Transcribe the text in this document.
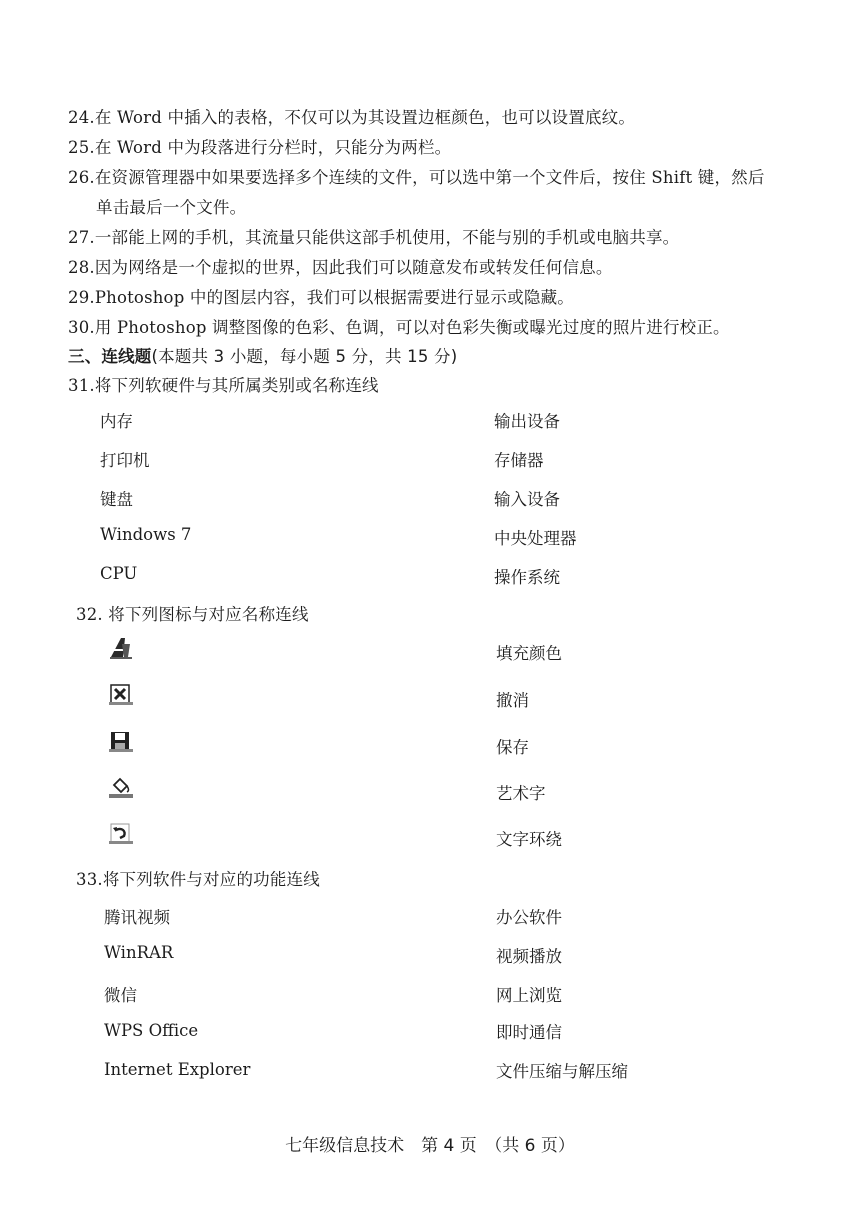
24.在 Word 中插入的表格，不仅可以为其设置边框颜色，也可以设置底纹。
25.在 Word 中为段落进行分栏时，只能分为两栏。
26.在资源管理器中如果要选择多个连续的文件，可以选中第一个文件后，按住 Shift 键，然后
单击最后一个文件。
27.一部能上网的手机，其流量只能供这部手机使用，不能与别的手机或电脑共享。
28.因为网络是一个虚拟的世界，因此我们可以随意发布或转发任何信息。
29.Photoshop 中的图层内容，我们可以根据需要进行显示或隐藏。
30.用 Photoshop 调整图像的色彩、色调，可以对色彩失衡或曝光过度的照片进行校正。
三、连线题(本题共 3 小题，每小题 5 分，共 15 分)
31.将下列软硬件与其所属类别或名称连线
内存
打印机
键盘
Windows 7
CPU
输出设备
存储器
输入设备
中央处理器
操作系统
32. 将下列图标与对应名称连线
填充颜色
撤消
保存
艺术字
文字环绕
33.将下列软件与对应的功能连线
腾讯视频
WinRAR
微信
WPS Office
Internet Explorer
办公软件
视频播放
网上浏览
即时通信
文件压缩与解压缩
七年级信息技术　第 4 页　（共 6 页）
